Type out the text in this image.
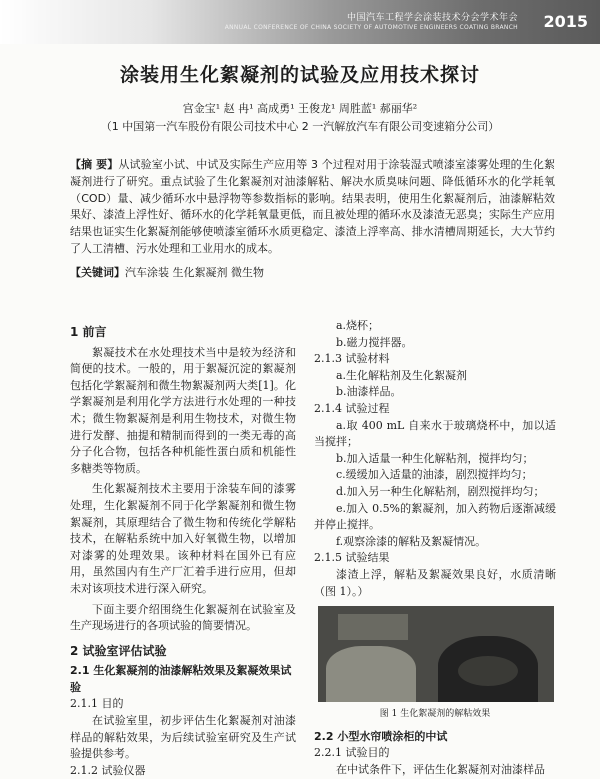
中国汽车工程学会涂装技术分会学术年会
ANNUAL CONFERENCE OF CHINA SOCIETY OF AUTOMOTIVE ENGINEERS COATING BRANCH 2015
涂装用生化絮凝剂的试验及应用技术探讨
宫金宝¹ 赵 冉¹ 高成勇¹ 王俊龙¹ 周胜蓝¹ 郝丽华²
（1 中国第一汽车股份有限公司技术中心 2 一汽解放汽车有限公司变速箱分公司）
【摘 要】从试验室小试、中试及实际生产应用等 3 个过程对用于涂装湿式喷漆室漆雾处理的生化絮凝剂进行了研究。重点试验了生化絮凝剂对油漆解粘、解决水质臭味问题、降低循环水的化学耗氧（COD）量、减少循环水中悬浮物等参数指标的影响。结果表明，使用生化絮凝剂后，油漆解粘效果好、漆渣上浮性好、循环水的化学耗氧量更低，而且被处理的循环水及漆渣无恶臭；实际生产应用结果也证实生化絮凝剂能够使喷漆室循环水质更稳定、漆渣上浮率高、排水清槽周期延长，大大节约了人工清槽、污水处理和工业用水的成本。
【关键词】汽车涂装 生化絮凝剂 微生物
1 前言

絮凝技术在水处理技术当中是较为经济和简便的技术。一般的，用于絮凝沉淀的絮凝剂包括化学絮凝剂和微生物絮凝剂两大类[1]。化学絮凝剂是利用化学方法进行水处理的一种技术；微生物絮凝剂是利用生物技术，对微生物进行发酵、抽提和精制而得到的一类无毒的高分子化合物，包括各种机能性蛋白质和机能性多糖类等物质。

生化絮凝剂技术主要用于涂装车间的漆雾处理，生化絮凝剂不同于化学絮凝剂和微生物絮凝剂，其原理结合了微生物和传统化学解粘技术，在解粘系统中加入好氧微生物，以增加对漆雾的处理效果。该种材料在国外已有应用，虽然国内有生产厂汇着手进行应用，但却未对该项技术进行深入研究。

下面主要介绍围绕生化絮凝剂在试验室及生产现场进行的各项试验的简要情况。

2 试验室评估试验
2.1 生化絮凝剂的油漆解粘效果及絮凝效果试验

2.1.1 目的

在试验室里，初步评估生化絮凝剂对油漆样品的解粘效果，为后续试验室研究及生产试验提供参考。

2.1.2 试验仪器

a.烧杯；

b.磁力搅拌器。

2.1.3 试验材料

a.生化解粘剂及生化絮凝剂

b.油漆样品。

2.1.4 试验过程

a.取 400 mL 自来水于玻璃烧杯中，加以适当搅拌；

b.加入适量一种生化解粘剂，搅拌均匀；

c.缓缓加入适量的油漆，剧烈搅拌均匀；

d.加入另一种生化解粘剂，剧烈搅拌均匀；

e.加入 0.5%的絮凝剂，加入药物后逐渐减缓并停止搅拌。

f.观察涂漆的解粘及絮凝情况。

2.1.5 试验结果

漆渣上浮，解粘及絮凝效果良好，水质清晰（图 1）。）

图 1 生化絮凝剂的解粘效果
2.2 小型水帘喷涂柜的中试

2.2.1 试验目的

在中试条件下，评估生化絮凝剂对油漆样品
